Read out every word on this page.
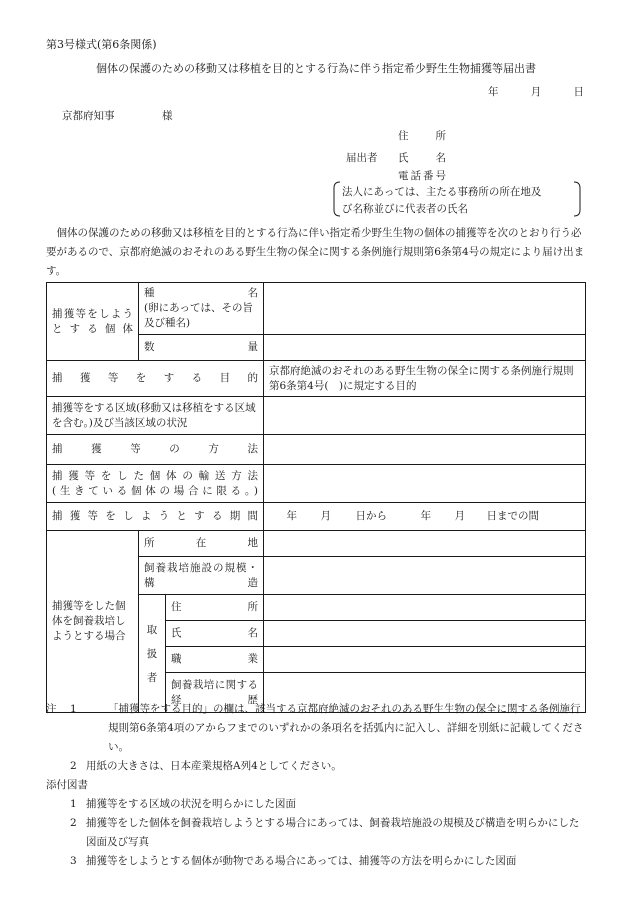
第3号様式(第6条関係)
個体の保護のための移動又は移植を目的とする行為に伴う指定希少野生生物捕獲等届出書
年	月	日
京都府知事	様
住所
届出者 氏名
電話番号
法人にあっては、主たる事務所の所在地及
び名称並びに代表者の氏名
個体の保護のための移動又は移植を目的とする行為に伴い指定希少野生生物の個体の捕獲等を次のとおり行う必要があるので、京都府絶滅のおそれのある野生生物の保全に関する条例施行規則第6条第4号の規定により届け出ます。
捕獲等をしようとする個体	種名
(卵にあっては、その旨及び種名)		

	数量		
捕獲等をする目的			京都府絶滅のおそれのある野生生物の保全に関する条例施行規則第6条第4号(　)に規定する目的
捕獲等をする区域(移動又は移植をする区域を含む。)及び当該区域の状況			
捕獲等の方法			

捕獲等をした個体の輸送方法
(生きている個体の場合に限る。)			

捕獲等をしようとする期間			年 月 日から 年 月 日までの間
捕獲等をした個体を飼養栽培しようとする場合	所在地		
	飼養栽培施設の規模・構造		
	取扱者	住所	
		氏名	
		職業	
		飼養栽培に関する経歴	
注 1	「捕獲等をする目的」の欄は、該当する京都府絶滅のおそれのある野生生物の保全に関する条例施行規則第6条第4項のアからフまでのいずれかの条項名を括弧内に記入し、詳細を別紙に記載してください。
2 用紙の大きさは、日本産業規格A列4としてください。
添付図書
1 捕獲等をする区域の状況を明らかにした図面
2 捕獲等をした個体を飼養栽培しようとする場合にあっては、飼養栽培施設の規模及び構造を明らかにした図面及び写真
3 捕獲等をしようとする個体が動物である場合にあっては、捕獲等の方法を明らかにした図面
